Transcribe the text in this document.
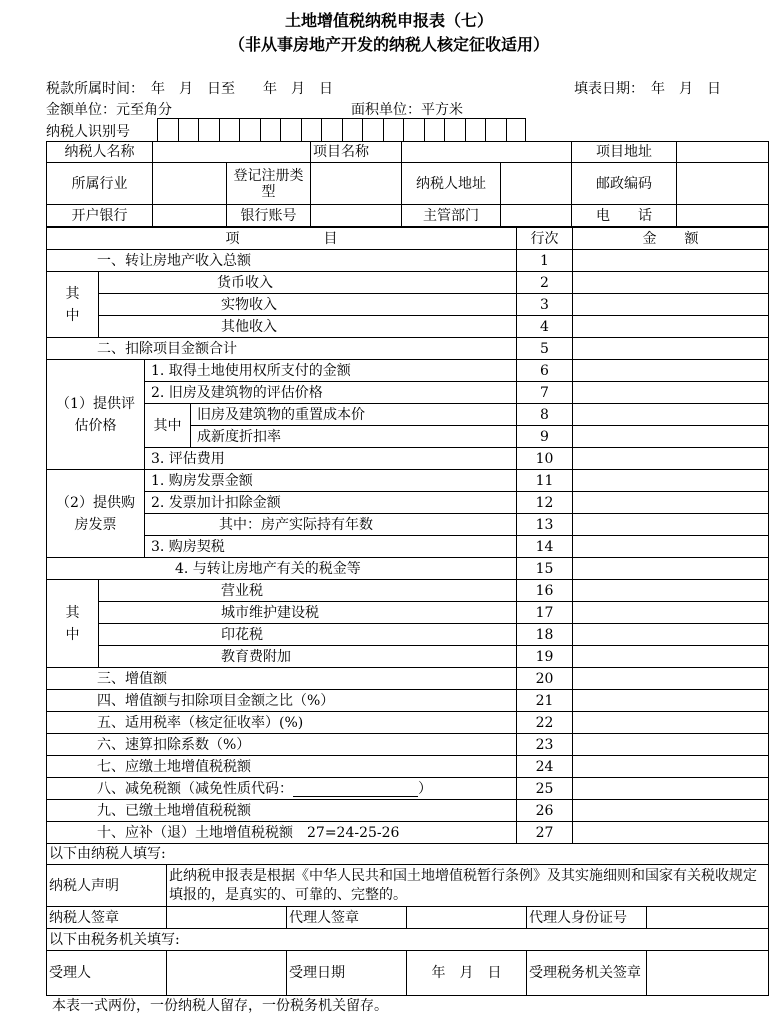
土地增值税纳税申报表（七）
（非从事房地产开发的纳税人核定征收适用）
税款所属时间：　年　月　日至　　年　月　日	填表日期：　年　月　日
金额单位：元至角分	面积单位：平方米
纳税人识别号
纳税人名称			项目名称			项目地址	
所属行业		登记注册类型		纳税人地址		邮政编码	
开户银行		银行账号		主管部门		电　　话	
项　　　　　　目				行次	金　　额
一、转让房地产收入总额				1	
其中	货币收入			2	
	实物收入			3	
	其他收入			4	
二、扣除项目金额合计				5	
（1）提供评估价格		1. 取得土地使用权所支付的金额		6	
		2. 旧房及建筑物的评估价格		7	
		其中	旧房及建筑物的重置成本价	8	
			成新度折扣率	9	
		3. 评估费用		10	
（2）提供购房发票		1. 购房发票金额		11	
		2. 发票加计扣除金额		12	
		其中：房产实际持有年数		13	
		3. 购房契税		14	
4. 与转让房地产有关的税金等				15	
其中	营业税			16	
	城市维护建设税			17	
	印花税			18	
	教育费附加			19	
三、增值额				20	
四、增值额与扣除项目金额之比（%）				21	
五、适用税率（核定征收率）(%)				22	
六、速算扣除系数（%）				23	
七、应缴土地增值税税额				24	
八、减免税额（减免性质代码： ）				25	
九、已缴土地增值税税额				26	
十、应补（退）土地增值税税额　27=24-25-26				27	
以下由纳税人填写:					
纳税人声明	此纳税申报表是根据《中华人民共和国土地增值税暂行条例》及其实施细则和国家有关税收规定填报的，是真实的、可靠的、完整的。				
纳税人签章		代理人签章		代理人身份证号	
以下由税务机关填写:					
受理人		受理日期	年　月　日	受理税务机关签章	
本表一式两份，一份纳税人留存，一份税务机关留存。
